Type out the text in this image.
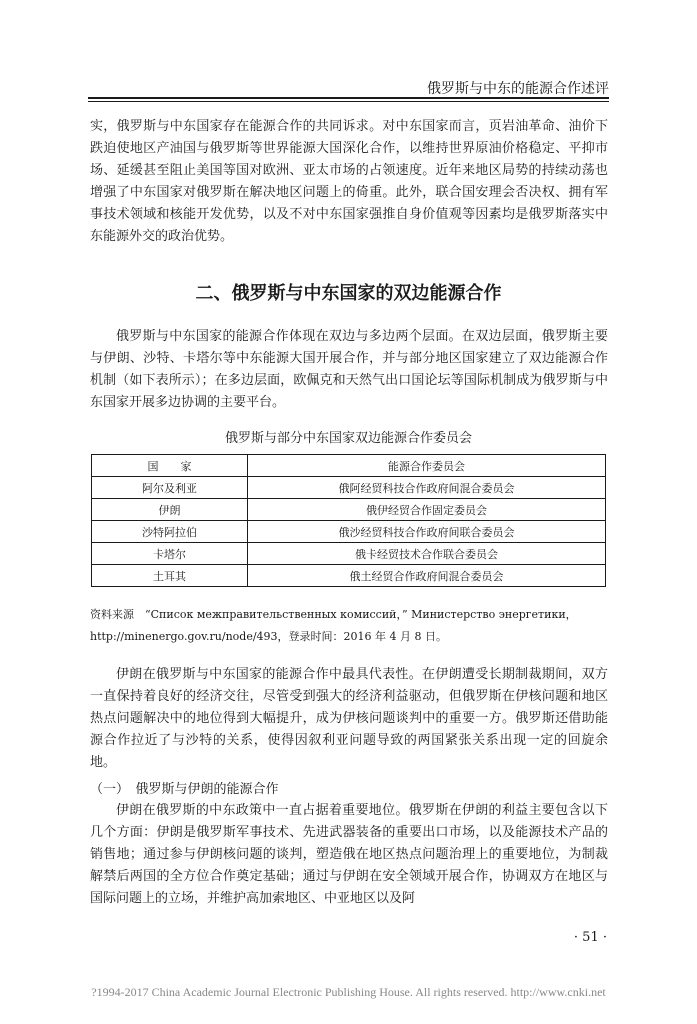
俄罗斯与中东的能源合作述评

实，俄罗斯与中东国家存在能源合作的共同诉求。对中东国家而言，页岩油革命、油价下跌迫使地区产油国与俄罗斯等世界能源大国深化合作，以维持世界原油价格稳定、平抑市场、延缓甚至阻止美国等国对欧洲、亚太市场的占领速度。近年来地区局势的持续动荡也增强了中东国家对俄罗斯在解决地区问题上的倚重。此外，联合国安理会否决权、拥有军事技术领域和核能开发优势，以及不对中东国家强推自身价值观等因素均是俄罗斯落实中东能源外交的政治优势。

二、俄罗斯与中东国家的双边能源合作

俄罗斯与中东国家的能源合作体现在双边与多边两个层面。在双边层面，俄罗斯主要与伊朗、沙特、卡塔尔等中东能源大国开展合作，并与部分地区国家建立了双边能源合作机制（如下表所示）；在多边层面，欧佩克和天然气出口国论坛等国际机制成为俄罗斯与中东国家开展多边协调的主要平台。

俄罗斯与部分中东国家双边能源合作委员会

国　　家	能源合作委员会
阿尔及利亚	俄阿经贸科技合作政府间混合委员会
伊朗	俄伊经贸合作固定委员会
沙特阿拉伯	俄沙经贸科技合作政府间联合委员会
卡塔尔	俄卡经贸技术合作联合委员会
土耳其	俄土经贸合作政府间混合委员会

资料来源　“Список межправительственных комиссий，” Министерство энергетики，http://minenergo.gov.ru/node/493，登录时间：2016 年 4 月 8 日。

伊朗在俄罗斯与中东国家的能源合作中最具代表性。在伊朗遭受长期制裁期间，双方一直保持着良好的经济交往，尽管受到强大的经济利益驱动，但俄罗斯在伊核问题和地区热点问题解决中的地位得到大幅提升，成为伊核问题谈判中的重要一方。俄罗斯还借助能源合作拉近了与沙特的关系，使得因叙利亚问题导致的两国紧张关系出现一定的回旋余地。

（一）　俄罗斯与伊朗的能源合作

伊朗在俄罗斯的中东政策中一直占据着重要地位。俄罗斯在伊朗的利益主要包含以下几个方面：伊朗是俄罗斯军事技术、先进武器装备的重要出口市场，以及能源技术产品的销售地；通过参与伊朗核问题的谈判，塑造俄在地区热点问题治理上的重要地位，为制裁解禁后两国的全方位合作奠定基础；通过与伊朗在安全领域开展合作，协调双方在地区与国际问题上的立场，并维护高加索地区、中亚地区以及阿

· 51 ·
?1994-2017 China Academic Journal Electronic Publishing House. All rights reserved. http://www.cnki.net
